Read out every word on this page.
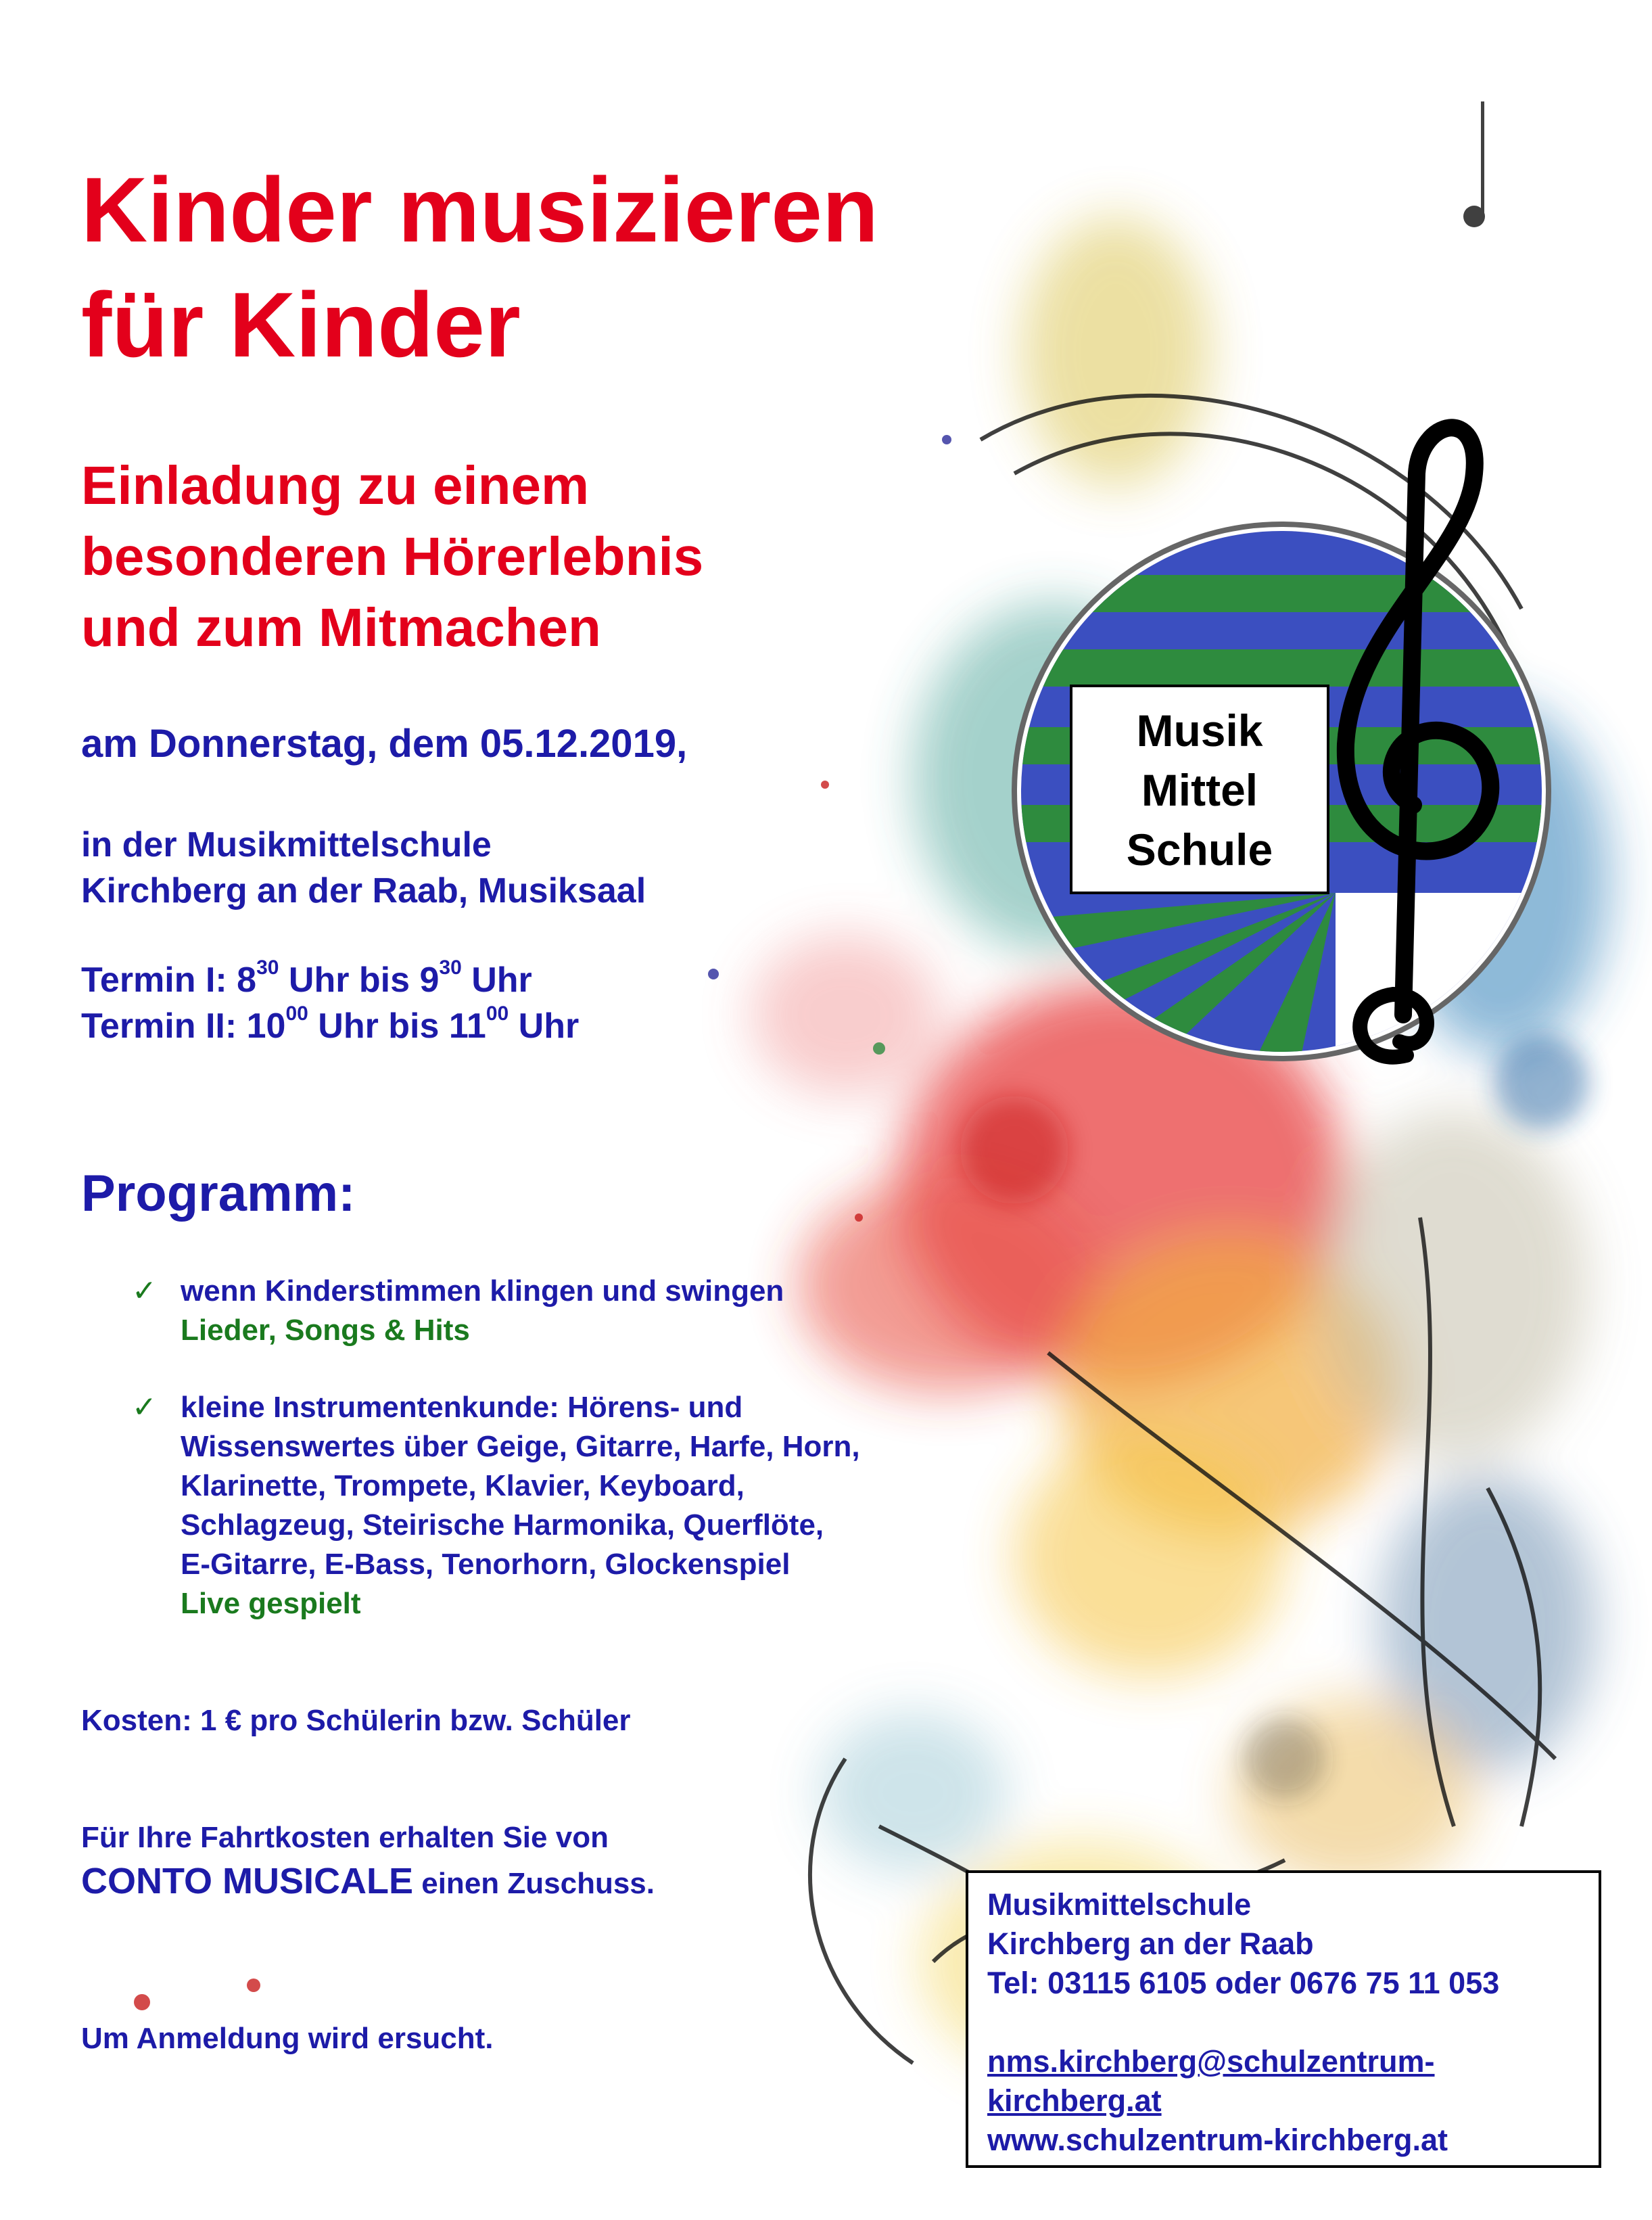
Kinder musizieren
für Kinder
Einladung zu einem
besonderen Hörerlebnis
und zum Mitmachen
am Donnerstag, dem 05.12.2019,
in der Musikmittelschule
Kirchberg an der Raab, Musiksaal
Termin I: $8^{30}$ Uhr bis $9^{30}$ Uhr
Termin II: $10^{00}$ Uhr bis $11^{00}$ Uhr
Programm:
✓ wenn Kinderstimmen klingen und swingen
Lieder, Songs & Hits
✓ kleine Instrumentenkunde: Hörens- und
Wissenswertes über Geige, Gitarre, Harfe, Horn,
Klarinette, Trompete, Klavier, Keyboard,
Schlagzeug, Steirische Harmonika, Querflöte,
E-Gitarre, E-Bass, Tenorhorn, Glockenspiel
Live gespielt
Kosten: 1 € pro Schülerin bzw. Schüler
Für Ihre Fahrtkosten erhalten Sie von
CONTO MUSICALE einen Zuschuss.
Um Anmeldung wird ersucht.
Musikmittelschule
Kirchberg an der Raab
Tel: 03115 6105 oder 0676 75 11 053
nms.kirchberg@schulzentrum-
kirchberg.at
www.schulzentrum-kirchberg.at
Musik
Mittel
Schule
